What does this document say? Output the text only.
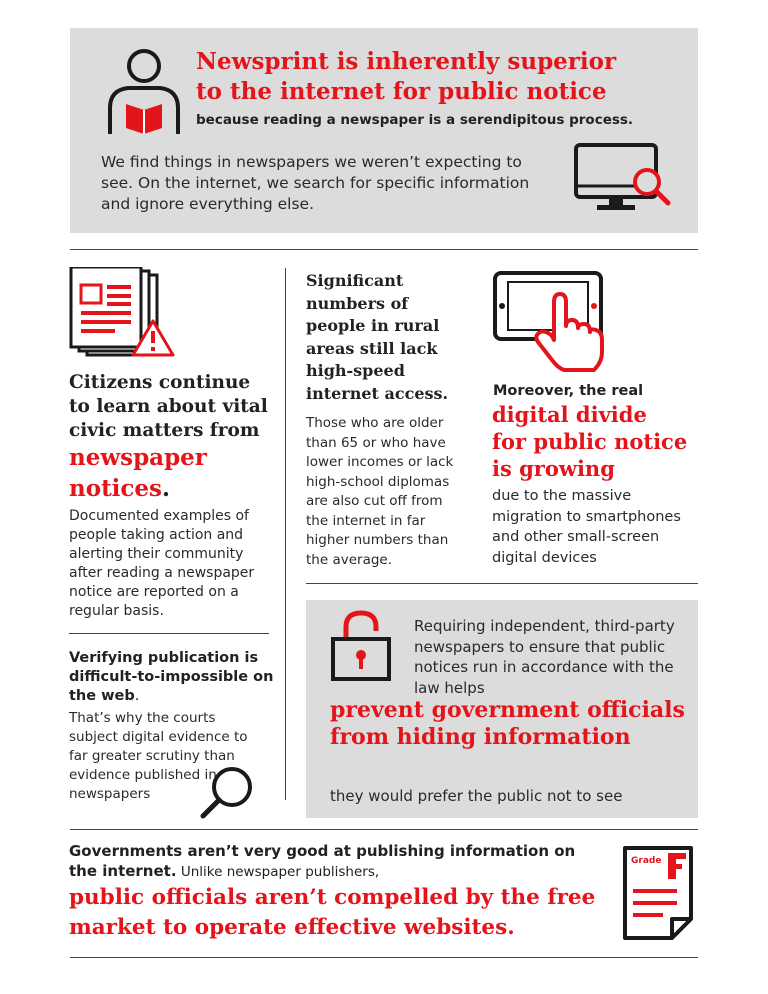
Newsprint is inherently superior
to the internet for public notice
because reading a newspaper is a serendipitous process.
We find things in newspapers we weren’t expecting to see. On the internet, we search for specific information and ignore everything else.
Citizens continue
to learn about vital
civic matters from
newspaper
notices.
Documented examples of people taking action and alerting their community after reading a newspaper notice are reported on a regular basis.
Verifying publication is difficult-to-impossible on the web.
That’s why the courts subject digital evidence to far greater scrutiny than evidence published in newspapers
Significant numbers of people in rural areas still lack high-speed internet access.
Those who are older than 65 or who have lower incomes or lack high-school diplomas are also cut off from the internet in far higher numbers than the average.
Moreover, the real
digital divide
for public notice
is growing
due to the massive migration to smartphones and other small-screen digital devices
Requiring independent, third-party newspapers to ensure that public notices run in accordance with the law helps
prevent government officials from hiding information
they would prefer the public not to see
Governments aren’t very good at publishing information on the internet. Unlike newspaper publishers,
public officials aren’t compelled by the free market to operate effective websites.
Grade
